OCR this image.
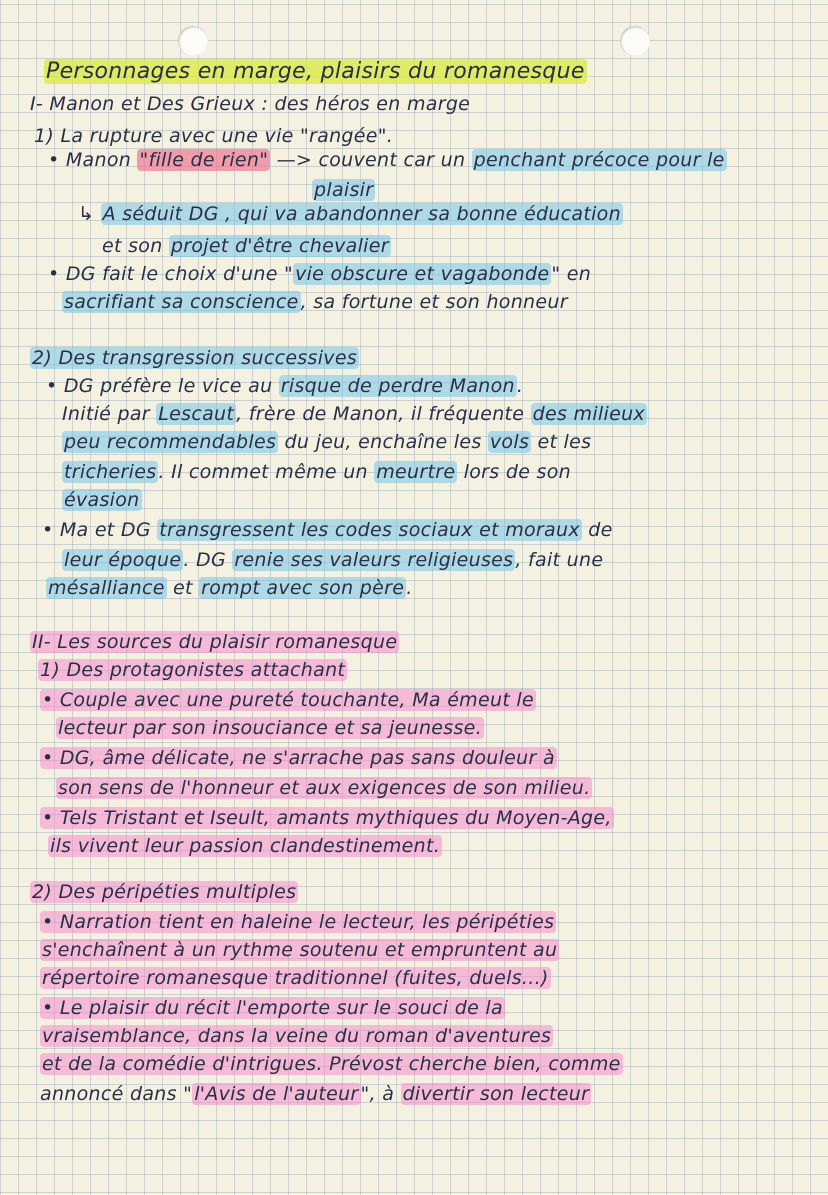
Personnages en marge, plaisirs du romanesque
I- Manon et Des Grieux : des héros en marge
1) La rupture avec une vie "rangée".
• Manon "fille de rien" —> couvent car un penchant précoce pour le
plaisir
↳ A séduit DG , qui va abandonner sa bonne éducation
et son projet d'être chevalier
• DG fait le choix d'une " vie obscure et vagabonde " en
sacrifiant sa conscience , sa fortune et son honneur
2) Des transgression successives
• DG préfère le vice au risque de perdre Manon .
Initié par Lescaut , frère de Manon, il fréquente des milieux
peu recommendables du jeu, enchaîne les vols et les
tricheries . Il commet même un meurtre lors de son
évasion
• Ma et DG transgressent les codes sociaux et moraux de
leur époque . DG renie ses valeurs religieuses , fait une
mésalliance et rompt avec son père .
II- Les sources du plaisir romanesque
1) Des protagonistes attachant
• Couple avec une pureté touchante, Ma émeut le
lecteur par son insouciance et sa jeunesse.
• DG, âme délicate, ne s'arrache pas sans douleur à
son sens de l'honneur et aux exigences de son milieu.
• Tels Tristant et Iseult, amants mythiques du Moyen-Age,
ils vivent leur passion clandestinement.
2) Des péripéties multiples
• Narration tient en haleine le lecteur, les péripéties
s'enchaînent à un rythme soutenu et empruntent au
répertoire romanesque traditionnel (fuites, duels...)
• Le plaisir du récit l'emporte sur le souci de la
vraisemblance, dans la veine du roman d'aventures
et de la comédie d'intrigues. Prévost cherche bien, comme
annoncé dans " l'Avis de l'auteur ", à divertir son lecteur
